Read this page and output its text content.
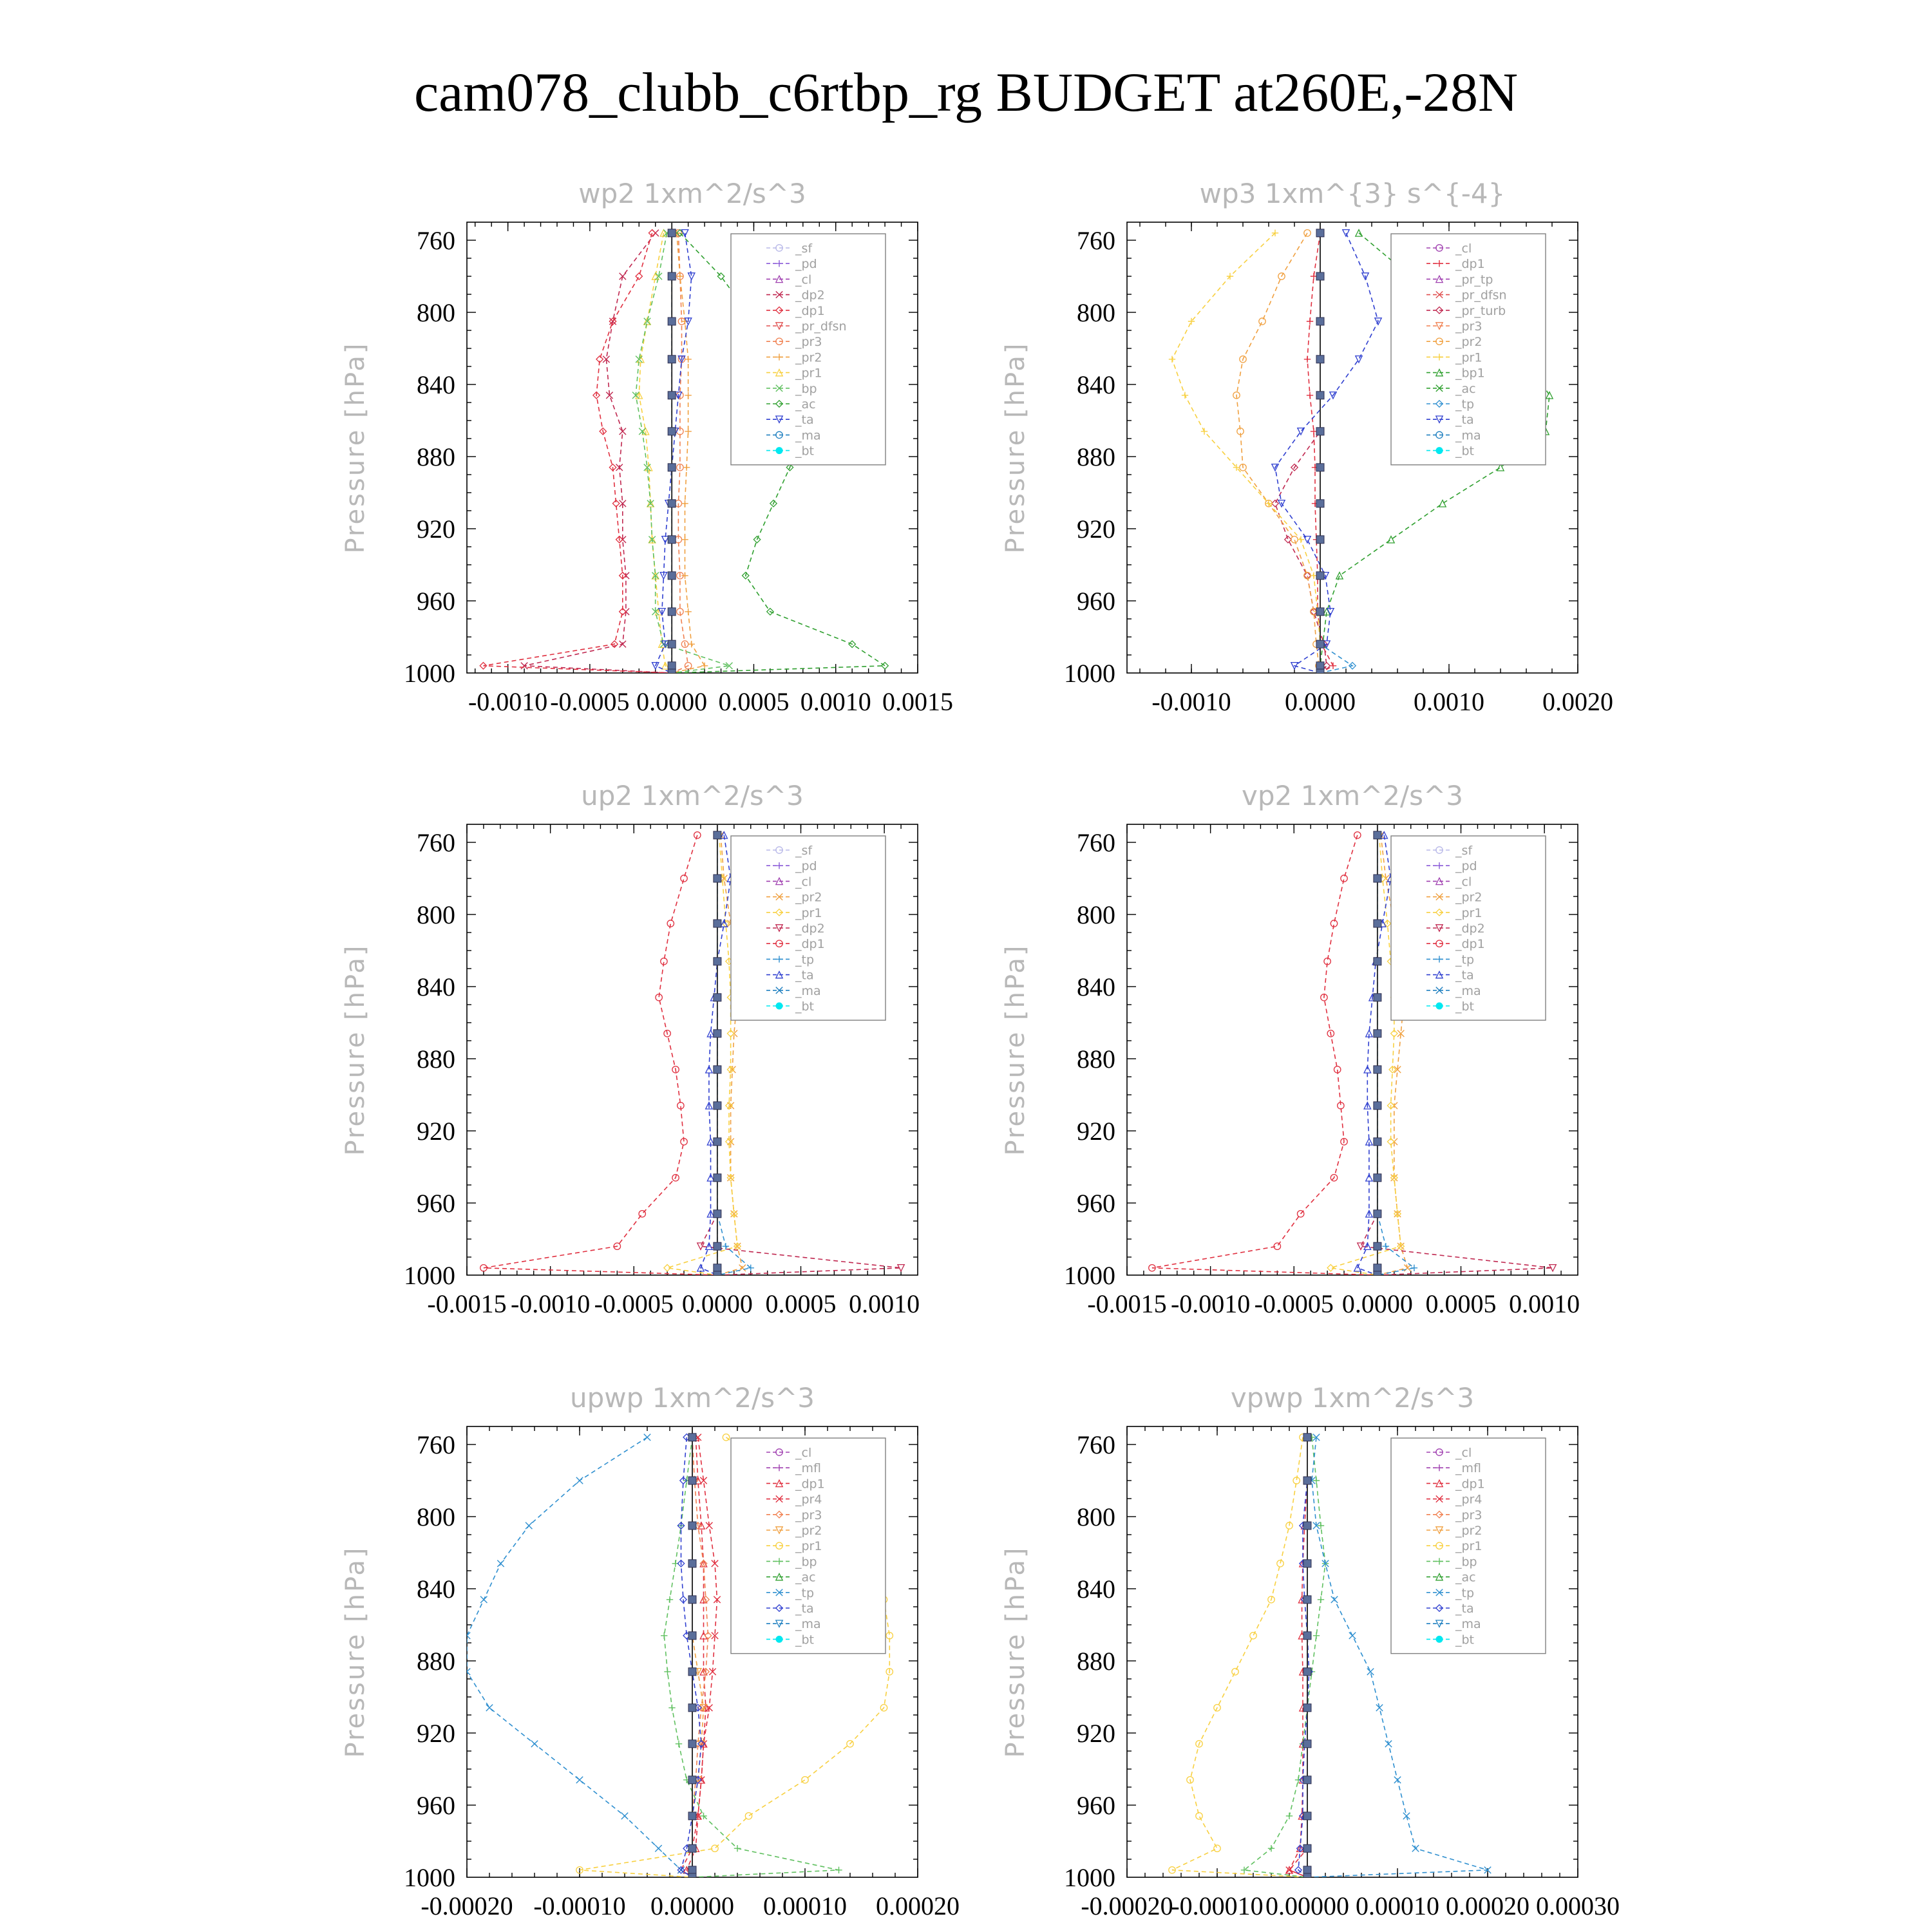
cam078_clubb_c6rtbp_rg BUDGET at260E,-28N
wp2 1xm^2/s^3
Pressure [hPa]
760
800
840
880
920
960
1000
-0.0010 -0.0005 0.0000 0.0005 0.0010 0.0015
_sf
_pd
_cl
_dp2
_dp1
_pr_dfsn
_pr3
_pr2
_pr1
_bp
_ac
_ta
_ma
_bt
wp3 1xm^{3} s^{-4}
Pressure [hPa]
760
800
840
880
920
960
1000
-0.0010 0.0000 0.0010 0.0020
_cl
_dp1
_pr_tp
_pr_dfsn
_pr_turb
_pr3
_pr2
_pr1
_bp1
_ac
_tp
_ta
_ma
_bt
up2 1xm^2/s^3
Pressure [hPa]
760
800
840
880
920
960
1000
-0.0015 -0.0010 -0.0005 0.0000 0.0005 0.0010
_sf
_pd
_cl
_pr2
_pr1
_dp2
_dp1
_tp
_ta
_ma
_bt
vp2 1xm^2/s^3
Pressure [hPa]
760
800
840
880
920
960
1000
-0.0015 -0.0010 -0.0005 0.0000 0.0005 0.0010
_sf
_pd
_cl
_pr2
_pr1
_dp2
_dp1
_tp
_ta
_ma
_bt
upwp 1xm^2/s^3
Pressure [hPa]
760
800
840
880
920
960
1000
-0.00020 -0.00010 0.00000 0.00010 0.00020
_cl
_mfl
_dp1
_pr4
_pr3
_pr2
_pr1
_bp
_ac
_tp
_ta
_ma
_bt
vpwp 1xm^2/s^3
Pressure [hPa]
760
800
840
880
920
960
1000
-0.00020
-0.00010 0.00000 0.00010 0.00020 0.00030
_cl
_mfl
_dp1
_pr4
_pr3
_pr2
_pr1
_bp
_ac
_tp
_ta
_ma
_bt
